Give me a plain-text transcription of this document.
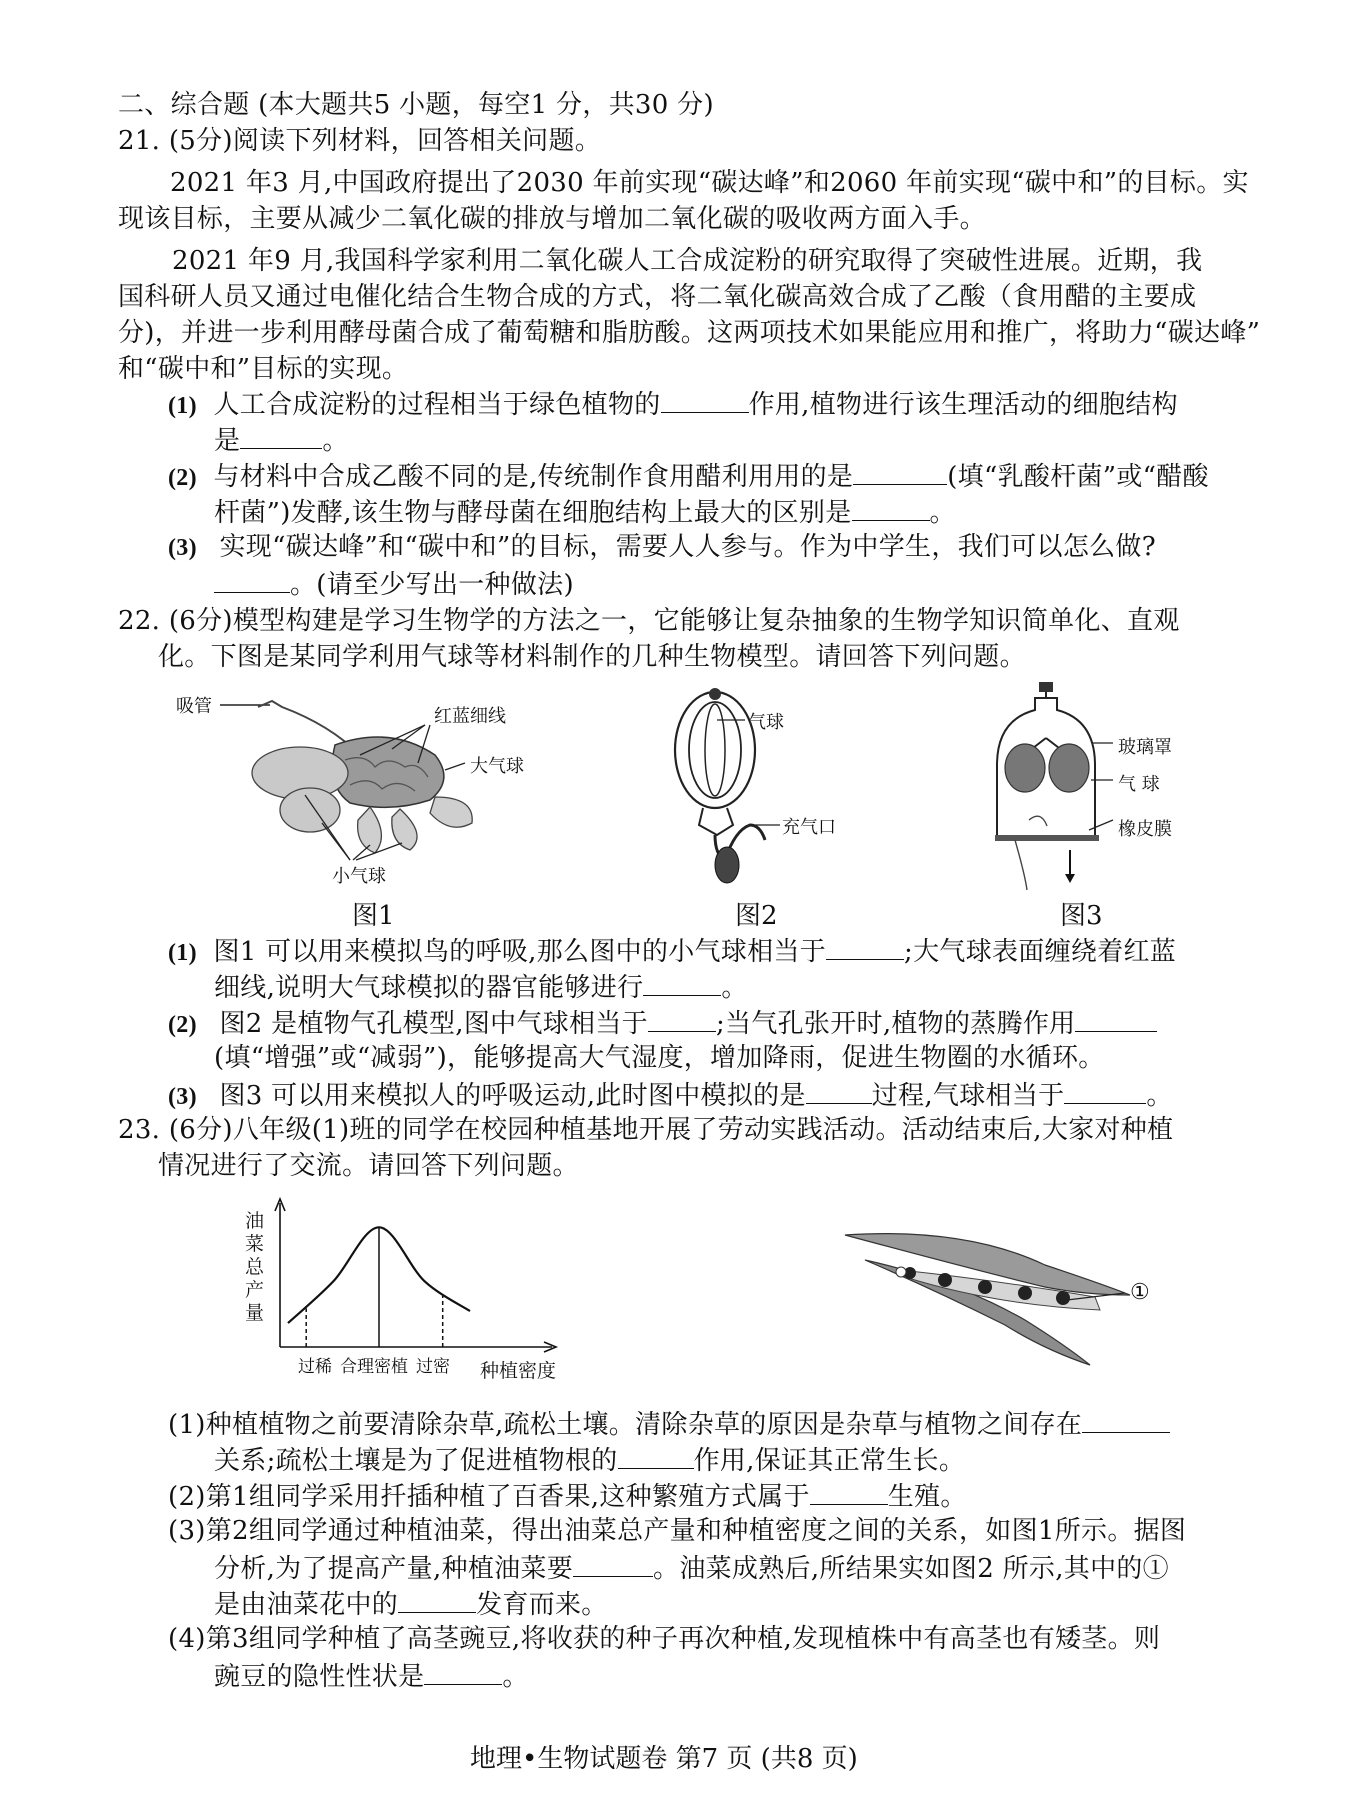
二、综合题 (本大题共5 小题，每空1 分，共30 分)
21. (5分)阅读下列材料，回答相关问题。
2021 年3 月,中国政府提出了2030 年前实现“碳达峰”和2060 年前实现“碳中和”的目标。实
现该目标，主要从减少二氧化碳的排放与增加二氧化碳的吸收两方面入手。
2021 年9 月,我国科学家利用二氧化碳人工合成淀粉的研究取得了突破性进展。近期，我
国科研人员又通过电催化结合生物合成的方式，将二氧化碳高效合成了乙酸（食用醋的主要成
分)，并进一步利用酵母菌合成了葡萄糖和脂肪酸。这两项技术如果能应用和推广，将助力“碳达峰”
和“碳中和”目标的实现。
(1) 人工合成淀粉的过程相当于绿色植物的	作用,植物进行该生理活动的细胞结构
是	。
(2) 与材料中合成乙酸不同的是,传统制作食用醋利用用的是	(填“乳酸杆菌”或“醋酸
杆菌”)发酵,该生物与酵母菌在细胞结构上最大的区别是	。
(3) 实现“碳达峰”和“碳中和”的目标，需要人人参与。作为中学生，我们可以怎么做?
。(请至少写出一种做法)
22. (6分)模型构建是学习生物学的方法之一，它能够让复杂抽象的生物学知识简单化、直观
化。下图是某同学利用气球等材料制作的几种生物模型。请回答下列问题。
吸管	红蓝细线
大气球
小气球
图1
气球
充气口
图2
玻璃罩
气 球
橡皮膜
图3
(1) 图1 可以用来模拟鸟的呼吸,那么图中的小气球相当于	;大气球表面缠绕着红蓝
细线,说明大气球模拟的器官能够进行	。
(2) 图2 是植物气孔模型,图中气球相当于	;当气孔张开时,植物的蒸腾作用
(填“增强”或“减弱”)，能够提高大气湿度，增加降雨，促进生物圈的水循环。
(3) 图3 可以用来模拟人的呼吸运动,此时图中模拟的是	过程,气球相当于	。
23. (6分)八年级(1)班的同学在校园种植基地开展了劳动实践活动。活动结束后,大家对种植
情况进行了交流。请回答下列问题。
油菜总产量
种植密度
过稀 合理密植 过密
①
(1)种植植物之前要清除杂草,疏松土壤。清除杂草的原因是杂草与植物之间存在
关系;疏松土壤是为了促进植物根的	作用,保证其正常生长。
(2)第1组同学采用扦插种植了百香果,这种繁殖方式属于	生殖。
(3)第2组同学通过种植油菜，得出油菜总产量和种植密度之间的关系，如图1所示。据图
分析,为了提高产量,种植油菜要	。油菜成熟后,所结果实如图2 所示,其中的①
是由油菜花中的	发育而来。
(4)第3组同学种植了高茎豌豆,将收获的种子再次种植,发现植株中有高茎也有矮茎。则
豌豆的隐性性状是	。
地理•生物试题卷 第7 页 (共8 页)
